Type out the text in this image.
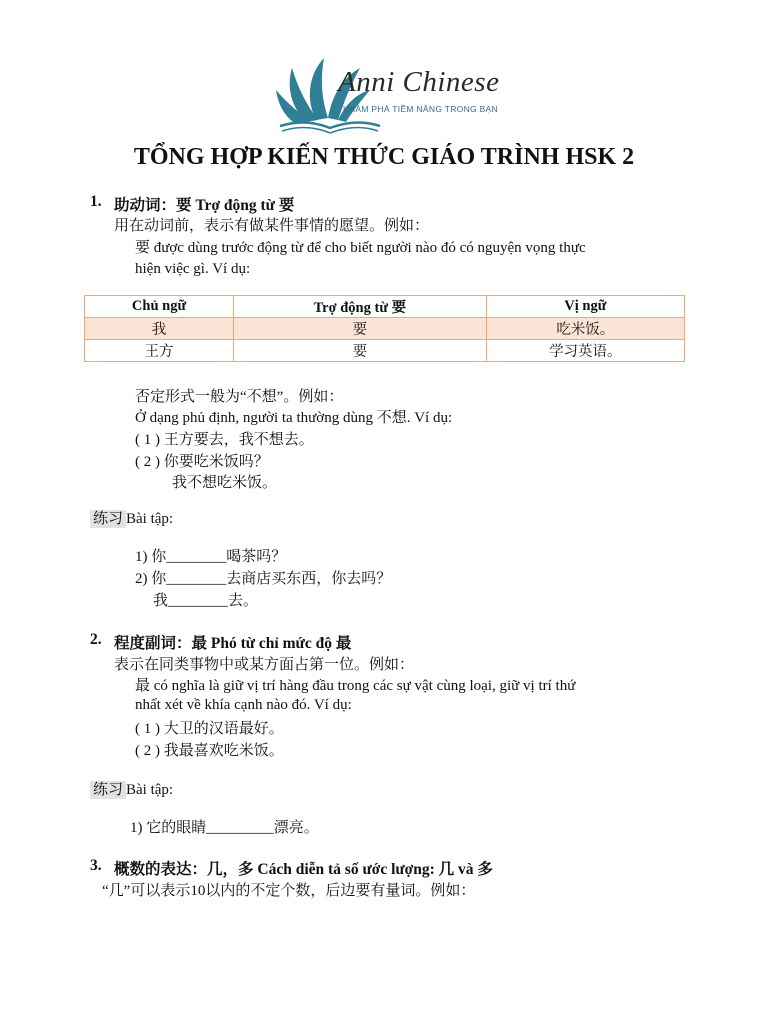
Anni Chinese
KHÁM PHÁ TIỀM NĂNG TRONG BẠN
TỔNG HỢP KIẾN THỨC GIÁO TRÌNH HSK 2
1. 助动词：要 Trợ động từ 要
用在动词前，表示有做某件事情的愿望。例如：
要 được dùng trước động từ để cho biết người nào đó có nguyện vọng thực
hiện việc gì. Ví dụ:
Chủ ngữ	Trợ động từ 要	Vị ngữ
我	要	吃米饭。
王方	要	学习英语。
否定形式一般为“不想”。例如：
Ở dạng phủ định, người ta thường dùng 不想. Ví dụ:
( 1 ) 王方要去，我不想去。
( 2 ) 你要吃米饭吗？
我不想吃米饭。
练习 Bài tập:
1) 你________喝茶吗？
2) 你________去商店买东西，你去吗？
我________去。
2. 程度副词：最 Phó từ chỉ mức độ 最
表示在同类事物中或某方面占第一位。例如：
最 có nghĩa là giữ vị trí hàng đầu trong các sự vật cùng loại, giữ vị trí thứ
nhất xét về khía cạnh nào đó. Ví dụ:
( 1 ) 大卫的汉语最好。
( 2 ) 我最喜欢吃米饭。
练习 Bài tập:
1) 它的眼睛_________漂亮。
3. 概数的表达：几，多 Cách diễn tả số ước lượng: 几 và 多
“几”可以表示10以内的不定个数，后边要有量词。例如：
